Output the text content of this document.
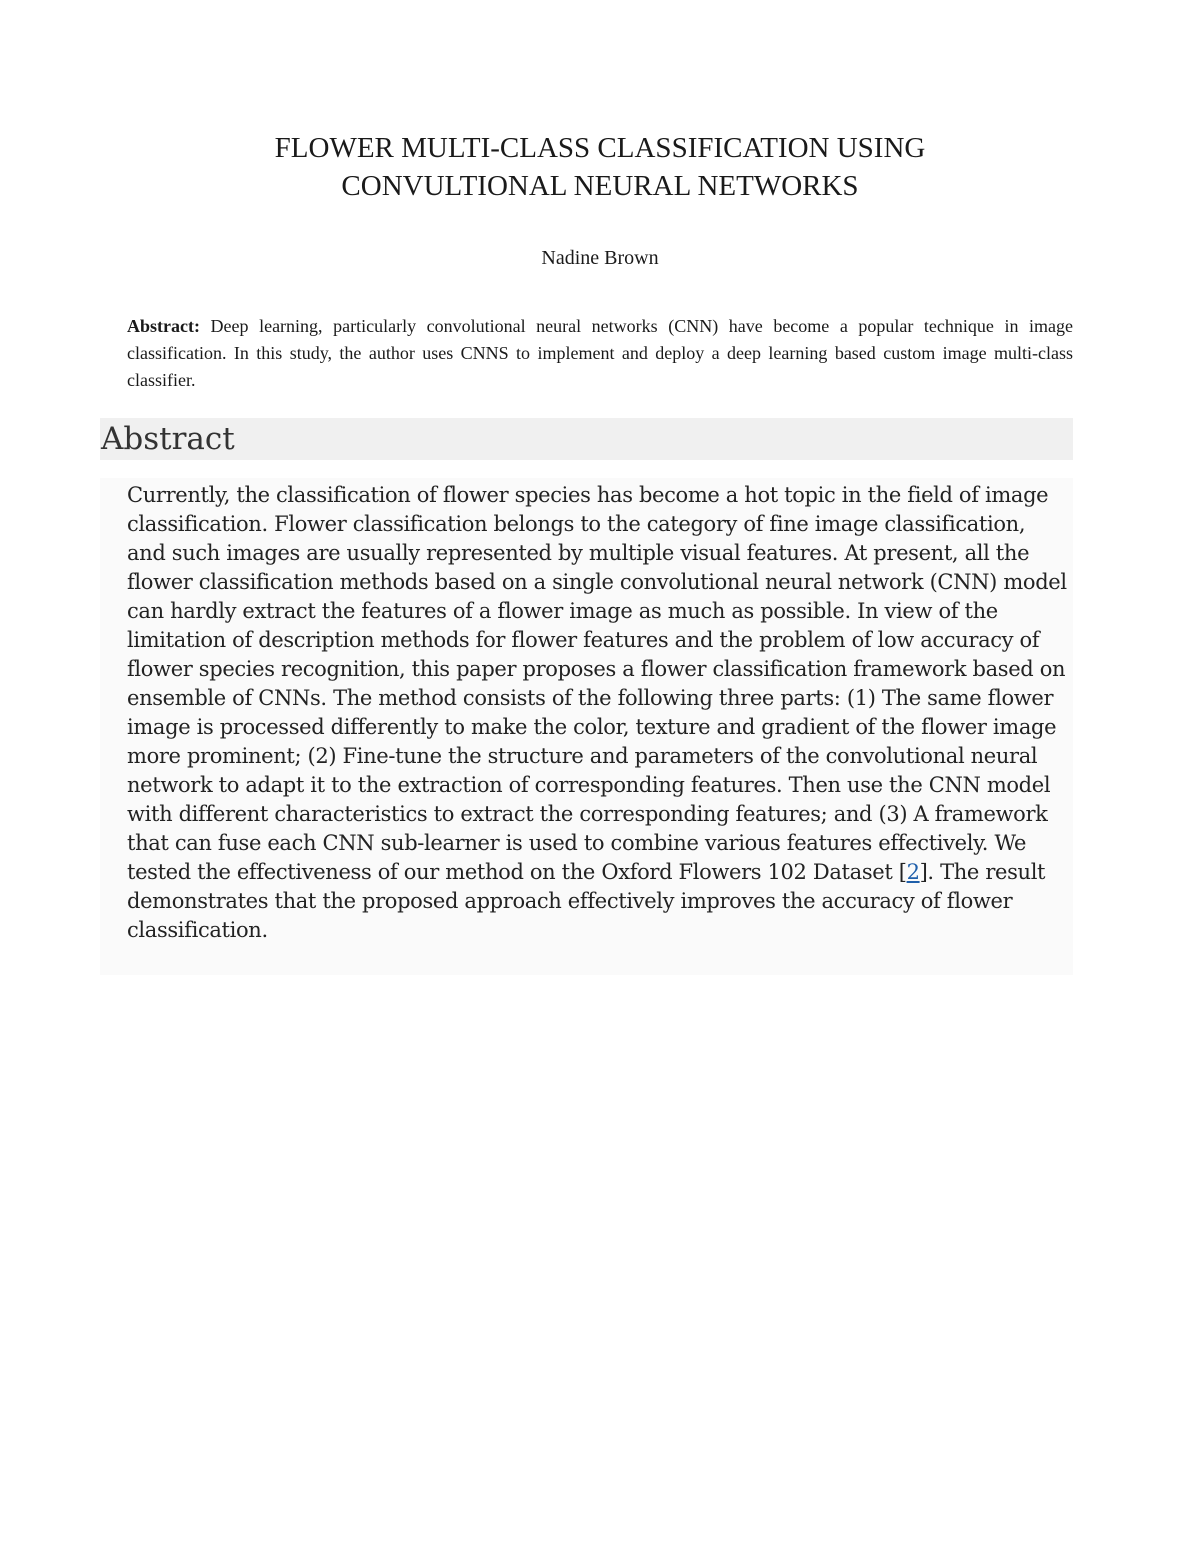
FLOWER MULTI-CLASS CLASSIFICATION USING
CONVULTIONAL NEURAL NETWORKS
Nadine Brown

Abstract: Deep learning, particularly convolutional neural networks (CNN) have become a popular technique in image classification. In this study, the author uses CNNS to implement and deploy a deep learning based custom image multi-class classifier.

Abstract

Currently, the classification of flower species has become a hot topic in the field of image classification. Flower classification belongs to the category of fine image classification, and such images are usually represented by multiple visual features. At present, all the flower classification methods based on a single convolutional neural network (CNN) model can hardly extract the features of a flower image as much as possible. In view of the limitation of description methods for flower features and the problem of low accuracy of flower species recognition, this paper proposes a flower classification framework based on ensemble of CNNs. The method consists of the following three parts: (1) The same flower image is processed differently to make the color, texture and gradient of the flower image more prominent; (2) Fine-tune the structure and parameters of the convolutional neural network to adapt it to the extraction of corresponding features. Then use the CNN model with different characteristics to extract the corresponding features; and (3) A framework that can fuse each CNN sub-learner is used to combine various features effectively. We tested the effectiveness of our method on the Oxford Flowers 102 Dataset [2]. The result demonstrates that the proposed approach effectively improves the accuracy of flower classification.
